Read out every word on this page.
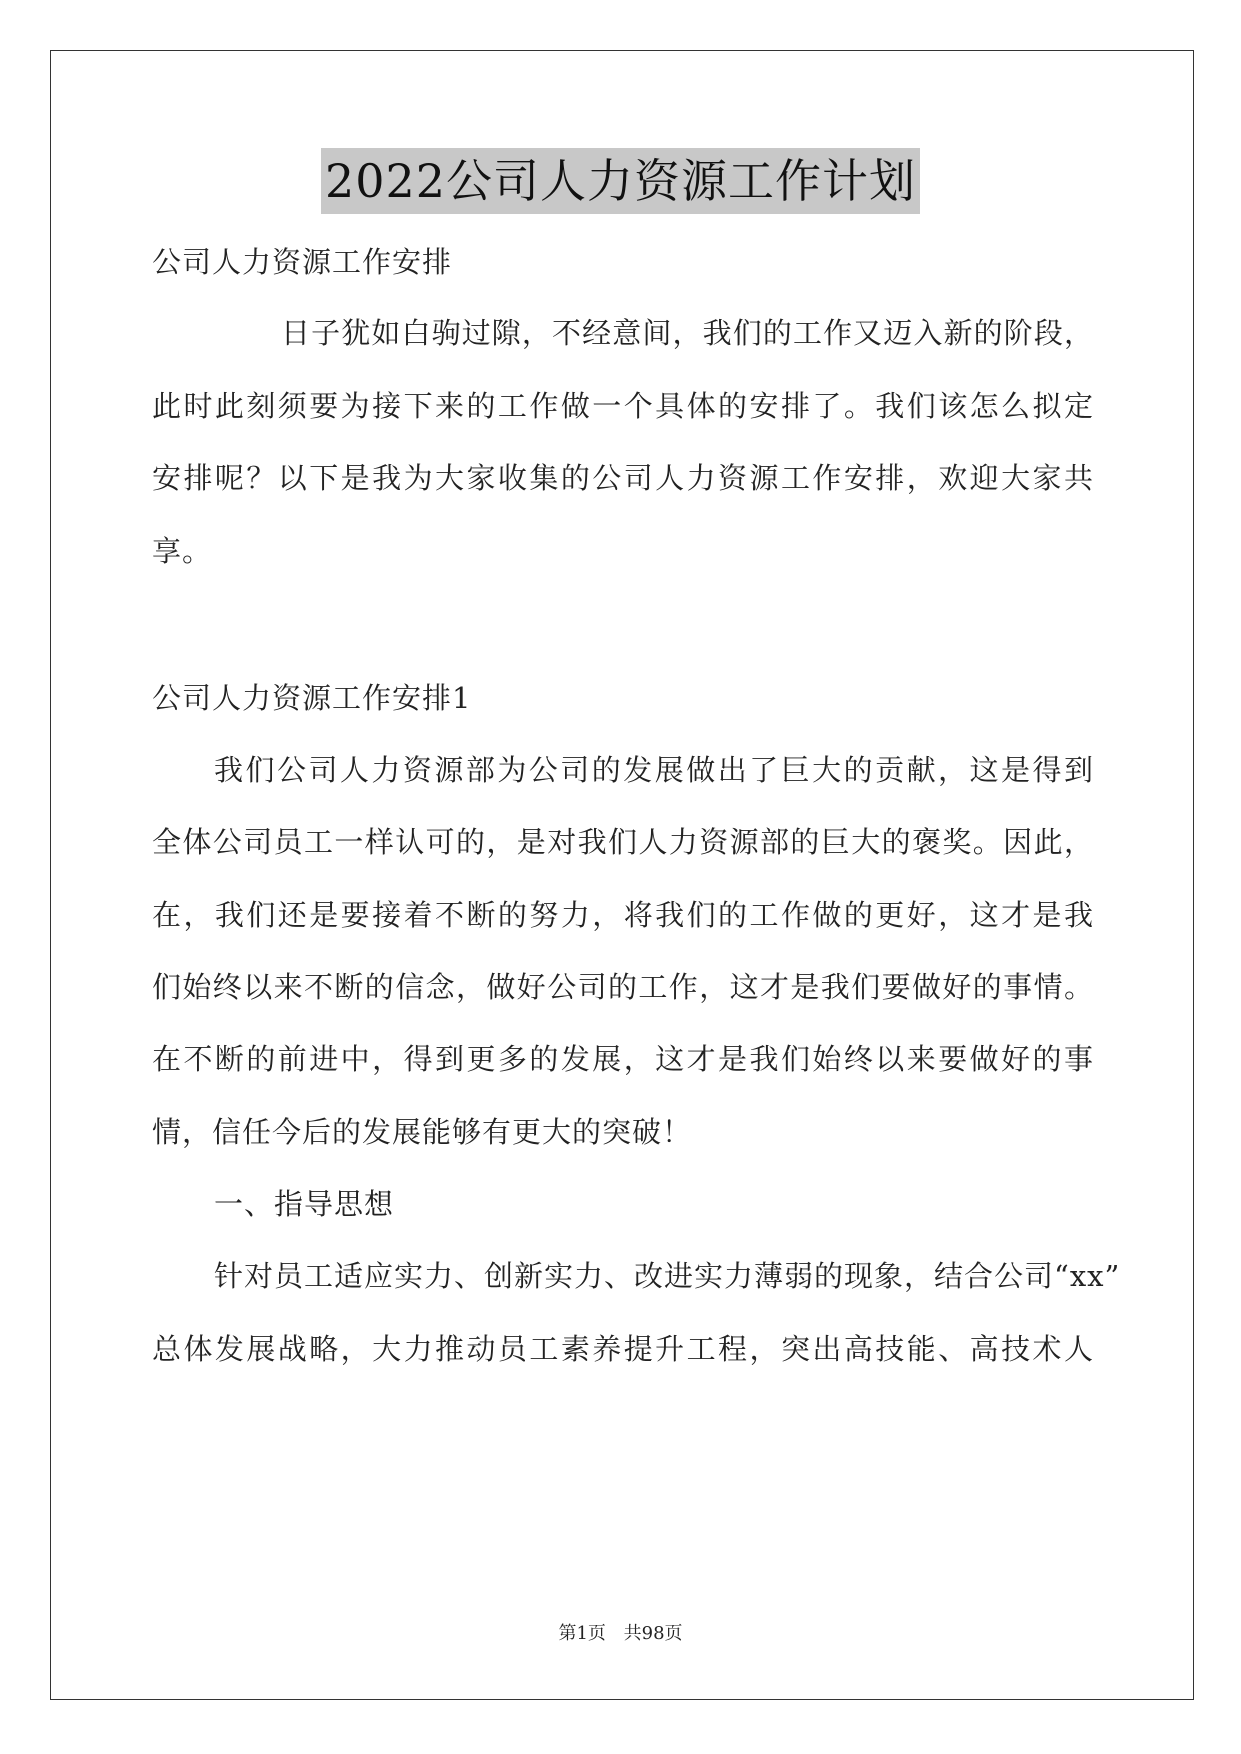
2022公司人力资源工作计划
公司人力资源工作安排
日子犹如白驹过隙，不经意间，我们的工作又迈入新的阶段，
此时此刻须要为接下来的工作做一个具体的安排了。我们该怎么拟定
安排呢？以下是我为大家收集的公司人力资源工作安排，欢迎大家共
享。
公司人力资源工作安排1
我们公司人力资源部为公司的发展做出了巨大的贡献，这是得到
全体公司员工一样认可的，是对我们人力资源部的巨大的褒奖。因此，
在，我们还是要接着不断的努力，将我们的工作做的更好，这才是我
们始终以来不断的信念，做好公司的工作，这才是我们要做好的事情。
在不断的前进中，得到更多的发展，这才是我们始终以来要做好的事
情，信任今后的发展能够有更大的突破！
一、指导思想
针对员工适应实力、创新实力、改进实力薄弱的现象，结合公司“xx”
总体发展战略，大力推动员工素养提升工程，突出高技能、高技术人
第1页 共98页
